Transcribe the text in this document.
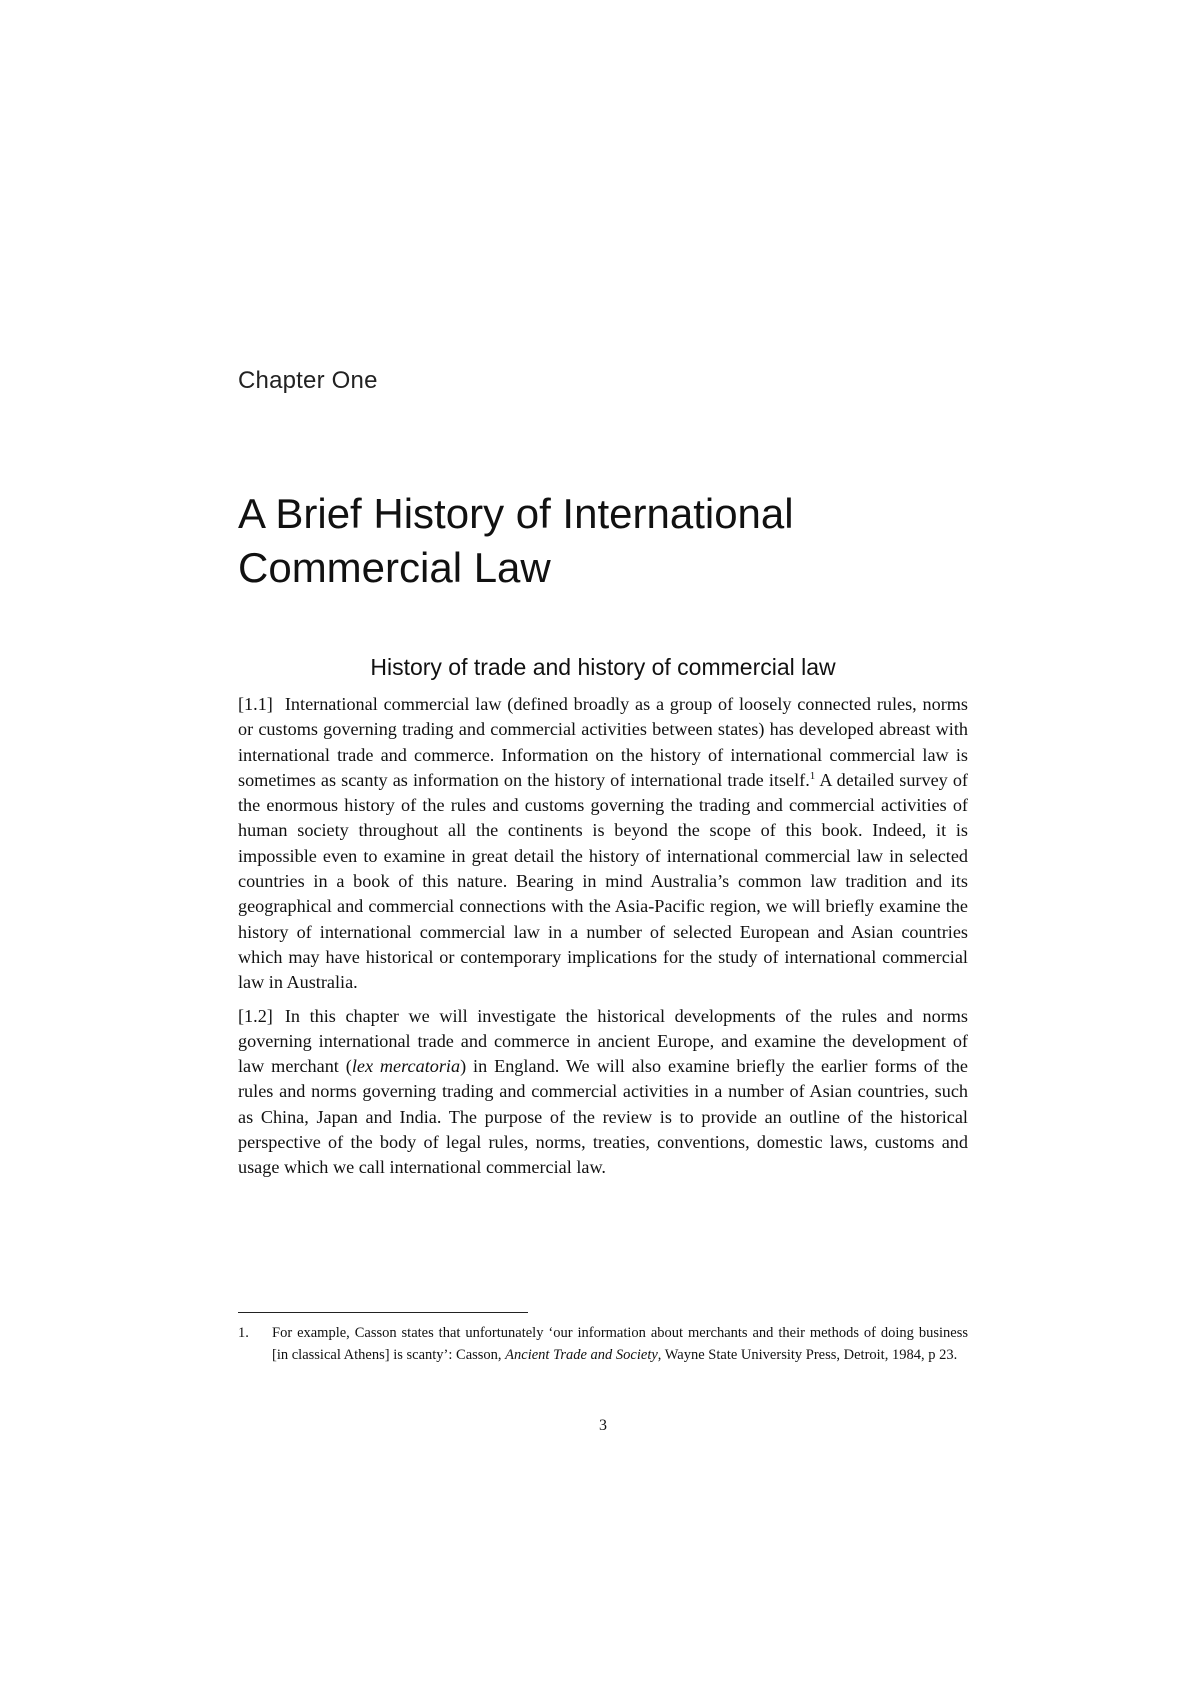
Chapter One
A Brief History of International
Commercial Law
History of trade and history of commercial law

[1.1] International commercial law (defined broadly as a group of loosely connected rules, norms or customs governing trading and commercial activities between states) has developed abreast with international trade and commerce. Information on the history of international commercial law is sometimes as scanty as information on the history of international trade itself.$^1$ A detailed survey of the enormous history of the rules and customs governing the trading and commercial activities of human society throughout all the continents is beyond the scope of this book. Indeed, it is impossible even to examine in great detail the history of international commercial law in selected countries in a book of this nature. Bearing in mind Australia’s common law tradition and its geographical and commercial connections with the Asia-Pacific region, we will briefly examine the history of international commercial law in a number of selected European and Asian countries which may have historical or contemporary implications for the study of international commercial law in Australia.

[1.2] In this chapter we will investigate the historical developments of the rules and norms governing international trade and commerce in ancient Europe, and examine the development of law merchant (lex mercatoria) in England. We will also examine briefly the earlier forms of the rules and norms governing trading and commercial activities in a number of Asian countries, such as China, Japan and India. The purpose of the review is to provide an outline of the historical perspective of the body of legal rules, norms, treaties, conventions, domestic laws, customs and usage which we call international commercial law.

1.	For example, Casson states that unfortunately ‘our information about merchants and their methods of doing business [in classical Athens] is scanty’: Casson, Ancient Trade and Society, Wayne State University Press, Detroit, 1984, p 23.
3
